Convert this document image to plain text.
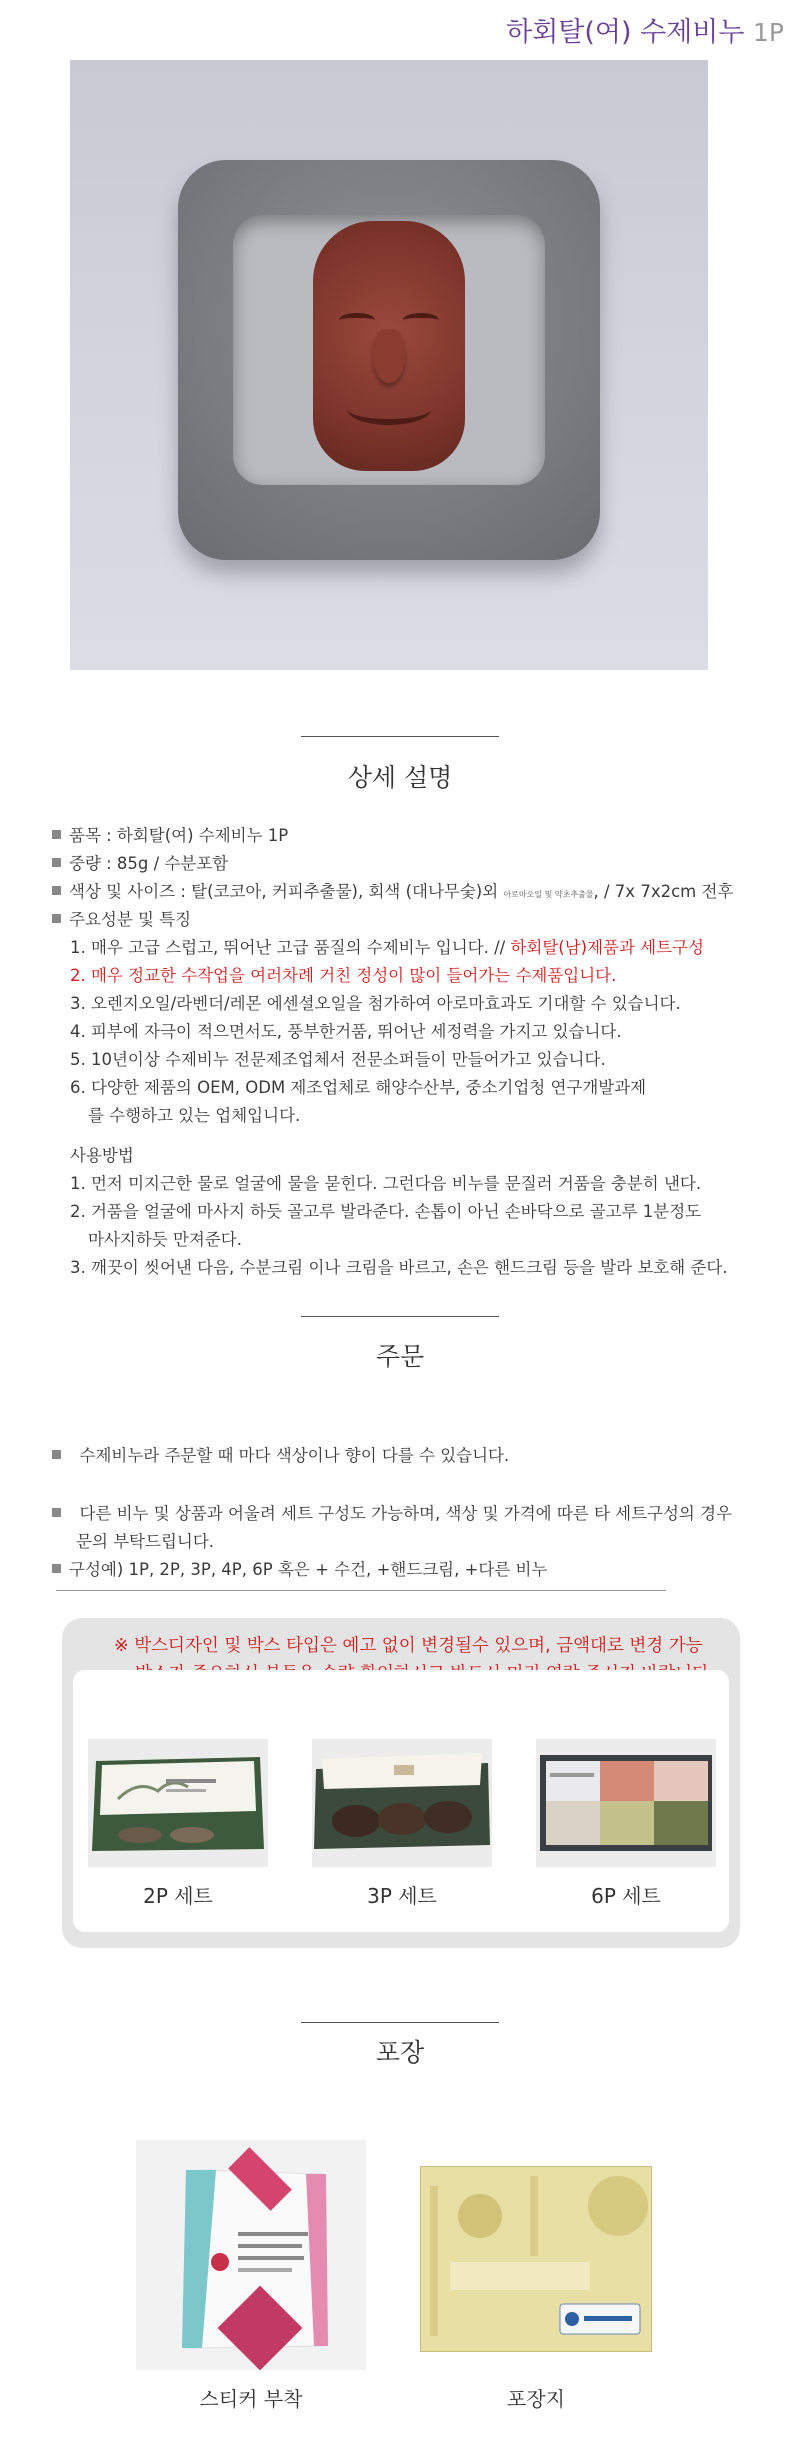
하회탈(여) 수제비누 1P
상세 설명
품목 : 하회탈(여) 수제비누 1P
중량 : 85g / 수분포함
색상 및 사이즈 : 탈(코코아, 커피추출물), 회색 (대나무숯)외 아로마오일 및 약초추출물, / 7x 7x2cm 전후
주요성분 및 특징
1. 매우 고급 스럽고, 뛰어난 고급 품질의 수제비누 입니다. // 하회탈(남)제품과 세트구성
2. 매우 정교한 수작업을 여러차례 거친 정성이 많이 들어가는 수제품입니다.
3. 오렌지오일/라벤더/레몬 에센셜오일을 첨가하여 아로마효과도 기대할 수 있습니다.
4. 피부에 자극이 적으면서도, 풍부한거품, 뛰어난 세정력을 가지고 있습니다.
5. 10년이상 수제비누 전문제조업체서 전문소퍼들이 만들어가고 있습니다.
6. 다양한 제품의 OEM, ODM 제조업체로 해양수산부, 중소기업청 연구개발과제
를 수행하고 있는 업체입니다.
사용방법
1. 먼저 미지근한 물로 얼굴에 물을 묻힌다. 그런다음 비누를 문질러 거품을 충분히 낸다.
2. 거품을 얼굴에 마사지 하듯 골고루 발라준다. 손톱이 아닌 손바닥으로 골고루 1분정도
마사지하듯 만져준다.
3. 깨끗이 씻어낸 다음, 수분크림 이나 크림을 바르고, 손은 핸드크림 등을 발라 보호해 준다.
주문
수제비누라 주문할 때 마다 색상이나 향이 다를 수 있습니다.
다른 비누 및 상품과 어울려 세트 구성도 가능하며, 색상 및 가격에 따른 타 세트구성의 경우
문의 부탁드립니다.
구성예) 1P, 2P, 3P, 4P, 6P 혹은 + 수건, +핸드크림, +다른 비누
※ 박스디자인 및 박스 타입은 예고 없이 변경될수 있으며, 금액대로 변경 가능
2P 세트	3P 세트	6P 세트
포장
스티커 부착	포장지
